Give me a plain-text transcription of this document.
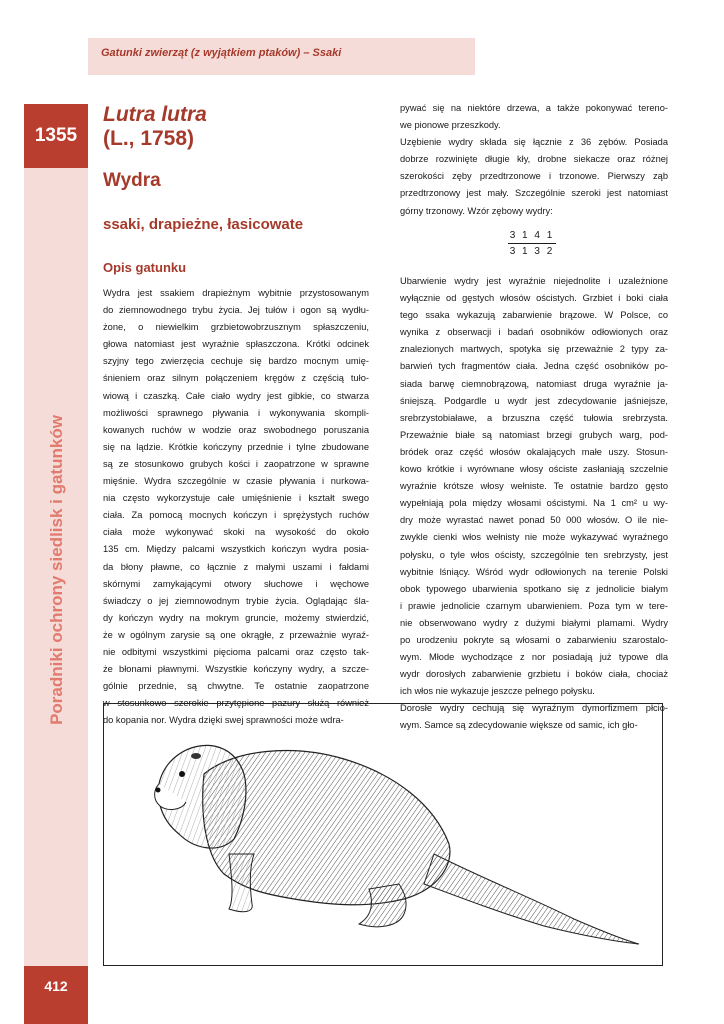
Gatunki zwierząt (z wyjątkiem ptaków) – Ssaki
1355
Poradniki ochrony siedlisk i gatunków
412
Lutra lutra
(L., 1758)
Wydra
ssaki, drapieżne, łasicowate
Opis gatunku

Wydra jest ssakiem drapieżnym wybitnie przystosowanym

do ziemnowodnego trybu życia. Jej tułów i ogon są wydłu-

żone, o niewielkim grzbietowobrzusznym spłaszczeniu,

głowa natomiast jest wyraźnie spłaszczona. Krótki odcinek

szyjny tego zwierzęcia cechuje się bardzo mocnym umię-

śnieniem oraz silnym połączeniem kręgów z częścią tuło-

wiową i czaszką. Całe ciało wydry jest gibkie, co stwarza

możliwości sprawnego pływania i wykonywania skompli-

kowanych ruchów w wodzie oraz swobodnego poruszania

się na lądzie. Krótkie kończyny przednie i tylne zbudowane

są ze stosunkowo grubych kości i zaopatrzone w sprawne

mięśnie. Wydra szczególnie w czasie pływania i nurkowa-

nia często wykorzystuje całe umięśnienie i kształt swego

ciała. Za pomocą mocnych kończyn i sprężystych ruchów

ciała może wykonywać skoki na wysokość do około

135 cm. Między palcami wszystkich kończyn wydra posia-

da błony pławne, co łącznie z małymi uszami i fałdami

skórnymi zamykającymi otwory słuchowe i węchowe

świadczy o jej ziemnowodnym trybie życia. Oglądając śla-

dy kończyn wydry na mokrym gruncie, możemy stwierdzić,

że w ogólnym zarysie są one okrągłe, z przeważnie wyraź-

nie odbitymi wszystkimi pięcioma palcami oraz często tak-

że błonami pławnymi. Wszystkie kończyny wydry, a szcze-

gólnie przednie, są chwytne. Te ostatnie zaopatrzone

w stosunkowo szerokie przytępione pazury służą również

do kopania nor. Wydra dzięki swej sprawności może wdra-

pywać się na niektóre drzewa, a także pokonywać tereno-

we pionowe przeszkody.

Uzębienie wydry składa się łącznie z 36 zębów. Posiada

dobrze rozwinięte długie kły, drobne siekacze oraz różnej

szerokości zęby przedtrzonowe i trzonowe. Pierwszy ząb

przedtrzonowy jest mały. Szczególnie szeroki jest natomiast

górny trzonowy. Wzór zębowy wydry:

3 1 4 1
3 1 3 2

Ubarwienie wydry jest wyraźnie niejednolite i uzależnione

wyłącznie od gęstych włosów ościstych. Grzbiet i boki ciała

tego ssaka wykazują zabarwienie brązowe. W Polsce, co

wynika z obserwacji i badań osobników odłowionych oraz

znalezionych martwych, spotyka się przeważnie 2 typy za-

barwień tych fragmentów ciała. Jedna część osobników po-

siada barwę ciemnobrązową, natomiast druga wyraźnie ja-

śniejszą. Podgardle u wydr jest zdecydowanie jaśniejsze,

srebrzystobiaławe, a brzuszna część tułowia srebrzysta.

Przeważnie białe są natomiast brzegi grubych warg, pod-

bródek oraz część włosów okalających małe uszy. Stosun-

kowo krótkie i wyrównane włosy ościste zasłaniają szczelnie

wyraźnie krótsze włosy wełniste. Te ostatnie bardzo gęsto

wypełniają pola między włosami ościstymi. Na 1 cm² u wy-

dry może wyrastać nawet ponad 50 000 włosów. O ile nie-

zwykle cienki włos wełnisty nie może wykazywać wyraźnego

połysku, o tyle włos ościsty, szczególnie ten srebrzysty, jest

wybitnie lśniący. Wśród wydr odłowionych na terenie Polski

obok typowego ubarwienia spotkano się z jednolicie białym

i prawie jednolicie czarnym ubarwieniem. Poza tym w tere-

nie obserwowano wydry z dużymi białymi plamami. Wydry

po urodzeniu pokryte są włosami o zabarwieniu szarostalo-

wym. Młode wychodzące z nor posiadają już typowe dla

wydr dorosłych zabarwienie grzbietu i boków ciała, chociaż

ich włos nie wykazuje jeszcze pełnego połysku.

Dorosłe wydry cechują się wyraźnym dymorfizmem płcio-

wym. Samce są zdecydowanie większe od samic, ich gło-
